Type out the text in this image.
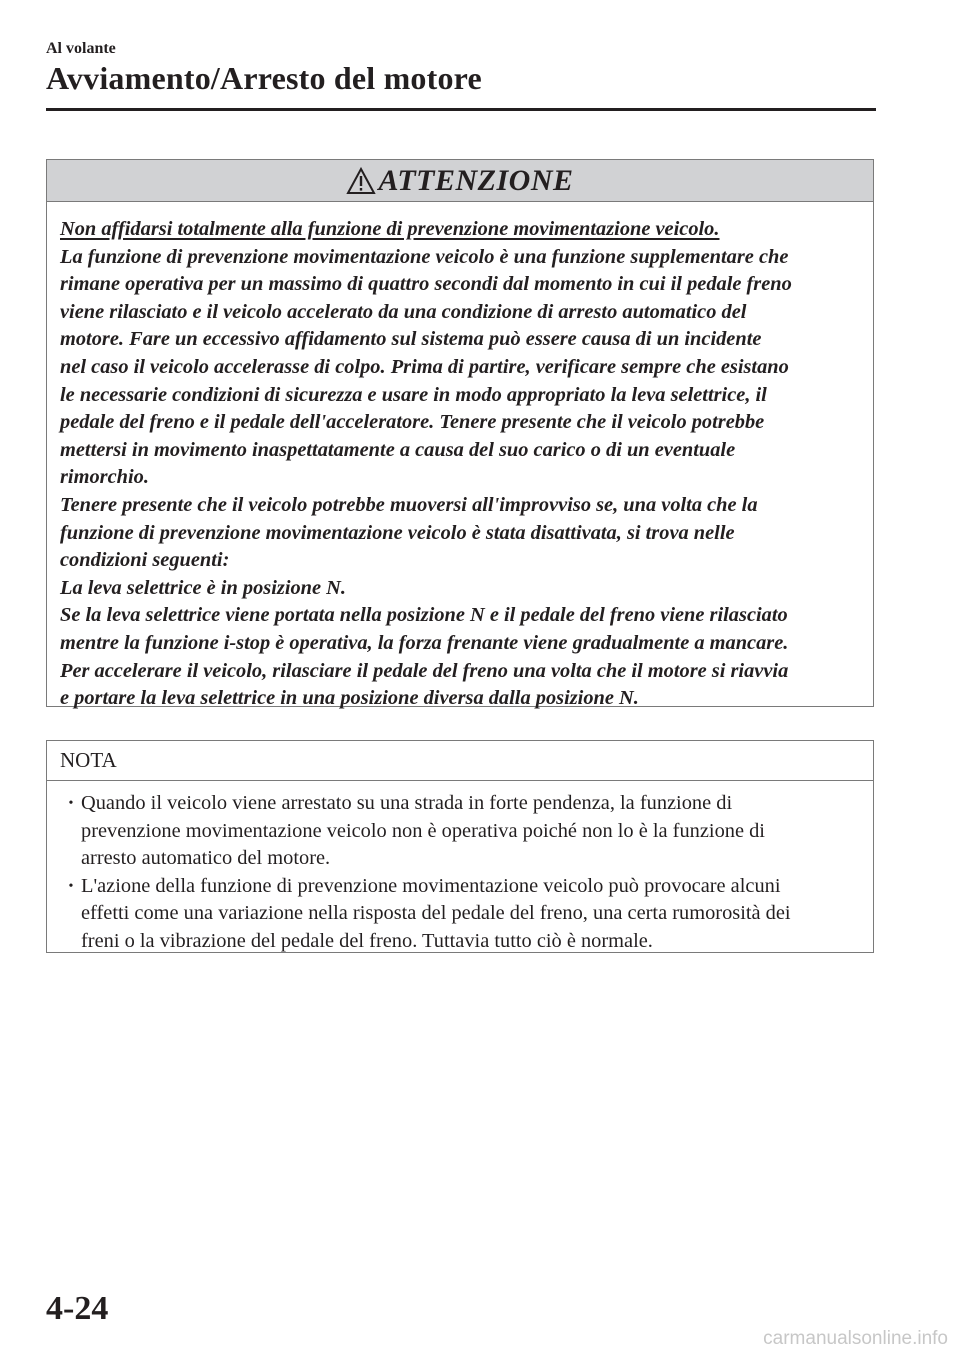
Al volante
Avviamento/Arresto del motore
ATTENZIONE
Non affidarsi totalmente alla funzione di prevenzione movimentazione veicolo.
La funzione di prevenzione movimentazione veicolo è una funzione supplementare che
rimane operativa per un massimo di quattro secondi dal momento in cui il pedale freno
viene rilasciato e il veicolo accelerato da una condizione di arresto automatico del
motore. Fare un eccessivo affidamento sul sistema può essere causa di un incidente
nel caso il veicolo accelerasse di colpo. Prima di partire, verificare sempre che esistano
le necessarie condizioni di sicurezza e usare in modo appropriato la leva selettrice, il
pedale del freno e il pedale dell'acceleratore. Tenere presente che il veicolo potrebbe
mettersi in movimento inaspettatamente a causa del suo carico o di un eventuale
rimorchio.
Tenere presente che il veicolo potrebbe muoversi all'improvviso se, una volta che la
funzione di prevenzione movimentazione veicolo è stata disattivata, si trova nelle
condizioni seguenti:
La leva selettrice è in posizione N.
Se la leva selettrice viene portata nella posizione N e il pedale del freno viene rilasciato
mentre la funzione i-stop è operativa, la forza frenante viene gradualmente a mancare.
Per accelerare il veicolo, rilasciare il pedale del freno una volta che il motore si riavvia
e portare la leva selettrice in una posizione diversa dalla posizione N.
NOTA
• Quando il veicolo viene arrestato su una strada in forte pendenza, la funzione di
prevenzione movimentazione veicolo non è operativa poiché non lo è la funzione di
arresto automatico del motore.
• L'azione della funzione di prevenzione movimentazione veicolo può provocare alcuni
effetti come una variazione nella risposta del pedale del freno, una certa rumorosità dei
freni o la vibrazione del pedale del freno. Tuttavia tutto ciò è normale.
4-24
carmanualsonline.info
